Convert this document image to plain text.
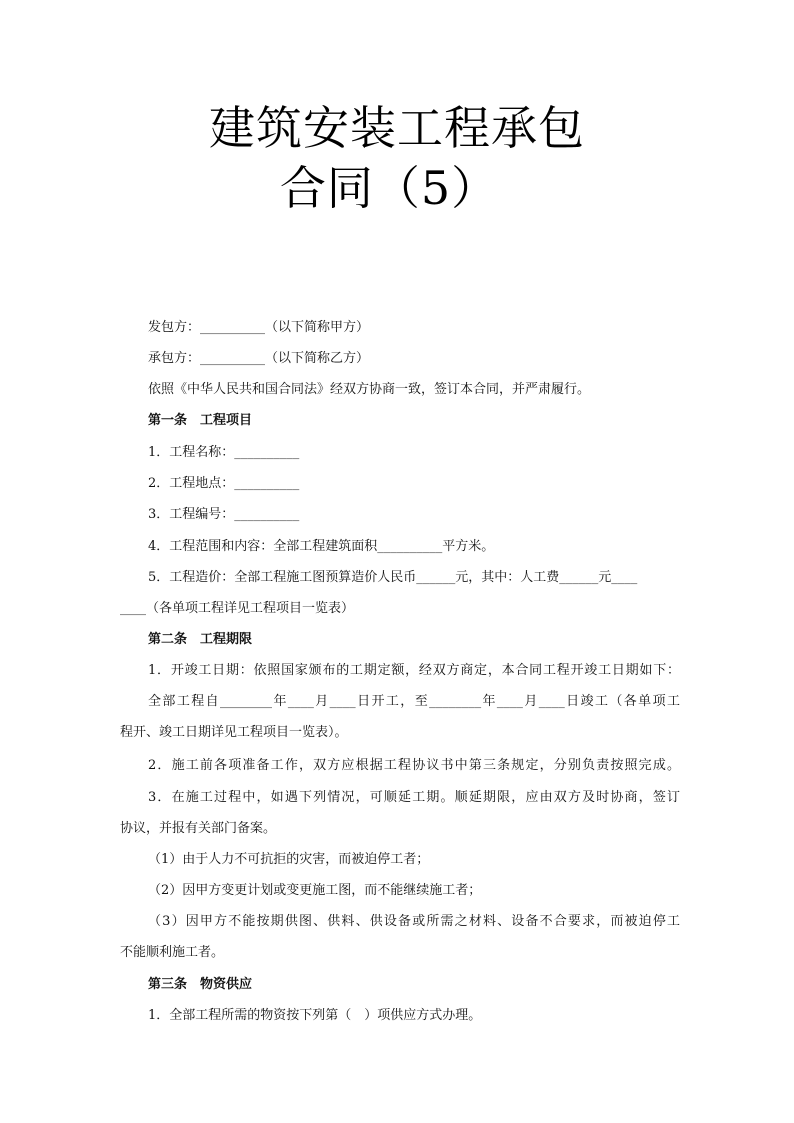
建筑安装工程承包
合同（5）
发包方：__________（以下简称甲方）
承包方：__________（以下简称乙方）
依照《中华人民共和国合同法》经双方协商一致，签订本合同，并严肃履行。
第一条　工程项目
1．工程名称：__________
2．工程地点：__________
3．工程编号：__________
4．工程范围和内容：全部工程建筑面积__________平方米。
5．工程造价：全部工程施工图预算造价人民币______元，其中：人工费______元____
____（各单项工程详见工程项目一览表）
第二条　工程期限
1．开竣工日期：依照国家颁布的工期定额，经双方商定，本合同工程开竣工日期如下：
全部工程自________年____月____日开工，至________年____月____日竣工（各单项工
程开、竣工日期详见工程项目一览表）。
2．施工前各项准备工作，双方应根据工程协议书中第三条规定，分别负责按照完成。
3．在施工过程中，如遇下列情况，可顺延工期。顺延期限，应由双方及时协商，签订
协议，并报有关部门备案。
（1）由于人力不可抗拒的灾害，而被迫停工者；
（2）因甲方变更计划或变更施工图，而不能继续施工者；
（3）因甲方不能按期供图、供料、供设备或所需之材料、设备不合要求，而被迫停工
不能顺利施工者。
第三条　物资供应
1．全部工程所需的物资按下列第（　）项供应方式办理。
